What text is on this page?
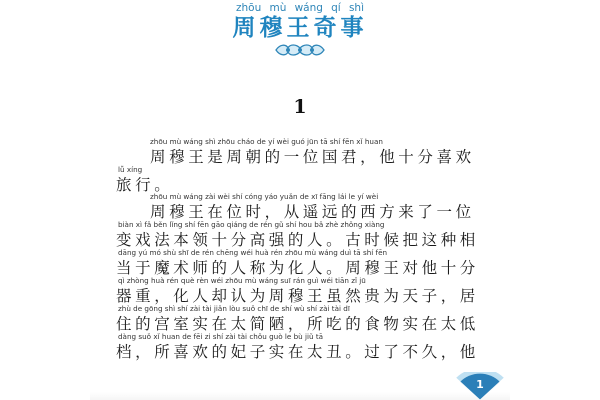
zhōu mù wáng qí shì
周穆王奇事
1
zhōu mù wáng shì zhōu cháo de yí wèi guó jūn tā shí fēn xǐ huan
周穆王是周朝的一位国君，他十分喜欢
lǚ xíng
旅行。
zhōu mù wáng zài wèi shí cóng yáo yuǎn de xī fāng lái le yí wèi
周穆王在位时，从遥远的西方来了一位
biàn xì fǎ běn lǐng shí fēn gāo qiáng de rén gǔ shí hou bǎ zhè zhǒng xiàng
变戏法本领十分高强的人。古时候把这种相
dāng yú mó shù shī de rén chēng wéi huà rén zhōu mù wáng duì tā shí fēn
当于魔术师的人称为化人。周穆王对他十分
qì zhòng huà rén què rèn wéi zhōu mù wáng suī rán guì wéi tiān zǐ jū
器重，化人却认为周穆王虽然贵为天子，居
zhù de gōng shì shí zài tài jiǎn lòu suǒ chī de shí wù shí zài tài dī
住的宫室实在太简陋，所吃的食物实在太低
dàng suǒ xǐ huan de fēi zi shí zài tài chǒu guò le bù jiǔ tā
档，所喜欢的妃子实在太丑。过了不久，他
1
